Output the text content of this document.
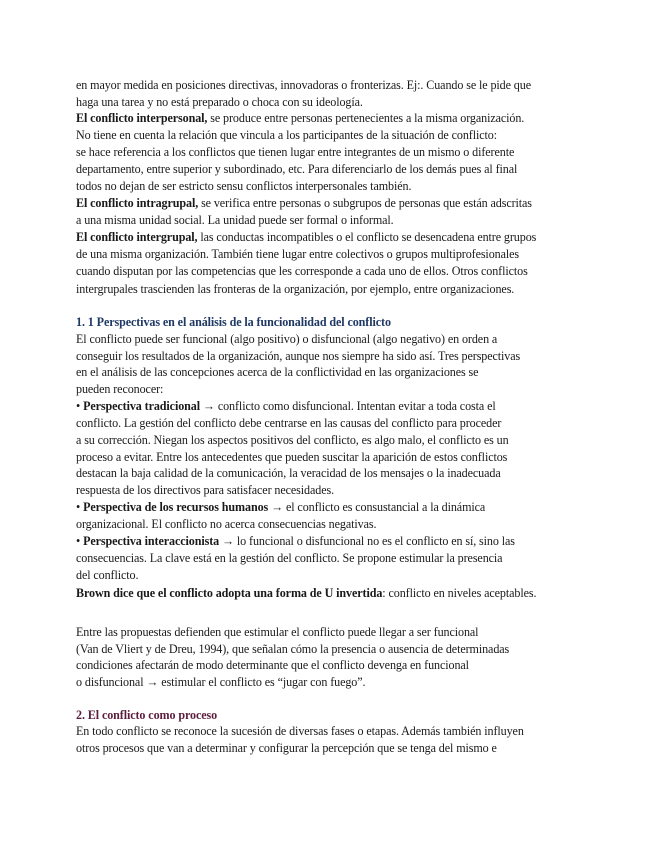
en mayor medida en posiciones directivas, innovadoras o fronterizas. Ej:. Cuando se le pide que
haga una tarea y no está preparado o choca con su ideología.
El conflicto interpersonal, se produce entre personas pertenecientes a la misma organización.
No tiene en cuenta la relación que vincula a los participantes de la situación de conflicto:
se hace referencia a los conflictos que tienen lugar entre integrantes de un mismo o diferente
departamento, entre superior y subordinado, etc. Para diferenciarlo de los demás pues al final
todos no dejan de ser estricto sensu conflictos interpersonales también.
El conflicto intragrupal, se verifica entre personas o subgrupos de personas que están adscritas
a una misma unidad social. La unidad puede ser formal o informal.
El conflicto intergrupal, las conductas incompatibles o el conflicto se desencadena entre grupos
de una misma organización. También tiene lugar entre colectivos o grupos multiprofesionales
cuando disputan por las competencias que les corresponde a cada uno de ellos. Otros conflictos
intergrupales trascienden las fronteras de la organización, por ejemplo, entre organizaciones.
1. 1 Perspectivas en el análisis de la funcionalidad del conflicto
El conflicto puede ser funcional (algo positivo) o disfuncional (algo negativo) en orden a
conseguir los resultados de la organización, aunque nos siempre ha sido así. Tres perspectivas
en el análisis de las concepciones acerca de la conflictividad en las organizaciones se
pueden reconocer:
• Perspectiva tradicional → conflicto como disfuncional. Intentan evitar a toda costa el
conflicto. La gestión del conflicto debe centrarse en las causas del conflicto para proceder
a su corrección. Niegan los aspectos positivos del conflicto, es algo malo, el conflicto es un
proceso a evitar. Entre los antecedentes que pueden suscitar la aparición de estos conflictos
destacan la baja calidad de la comunicación, la veracidad de los mensajes o la inadecuada
respuesta de los directivos para satisfacer necesidades.
• Perspectiva de los recursos humanos → el conflicto es consustancial a la dinámica
organizacional. El conflicto no acerca consecuencias negativas.
• Perspectiva interaccionista → lo funcional o disfuncional no es el conflicto en sí, sino las
consecuencias. La clave está en la gestión del conflicto. Se propone estimular la presencia
del conflicto.
Brown dice que el conflicto adopta una forma de U invertida: conflicto en niveles aceptables.
Entre las propuestas defienden que estimular el conflicto puede llegar a ser funcional
(Van de Vliert y de Dreu, 1994), que señalan cómo la presencia o ausencia de determinadas
condiciones afectarán de modo determinante que el conflicto devenga en funcional
o disfuncional → estimular el conflicto es “jugar con fuego”.
2. El conflicto como proceso
En todo conflicto se reconoce la sucesión de diversas fases o etapas. Además también influyen
otros procesos que van a determinar y configurar la percepción que se tenga del mismo e
